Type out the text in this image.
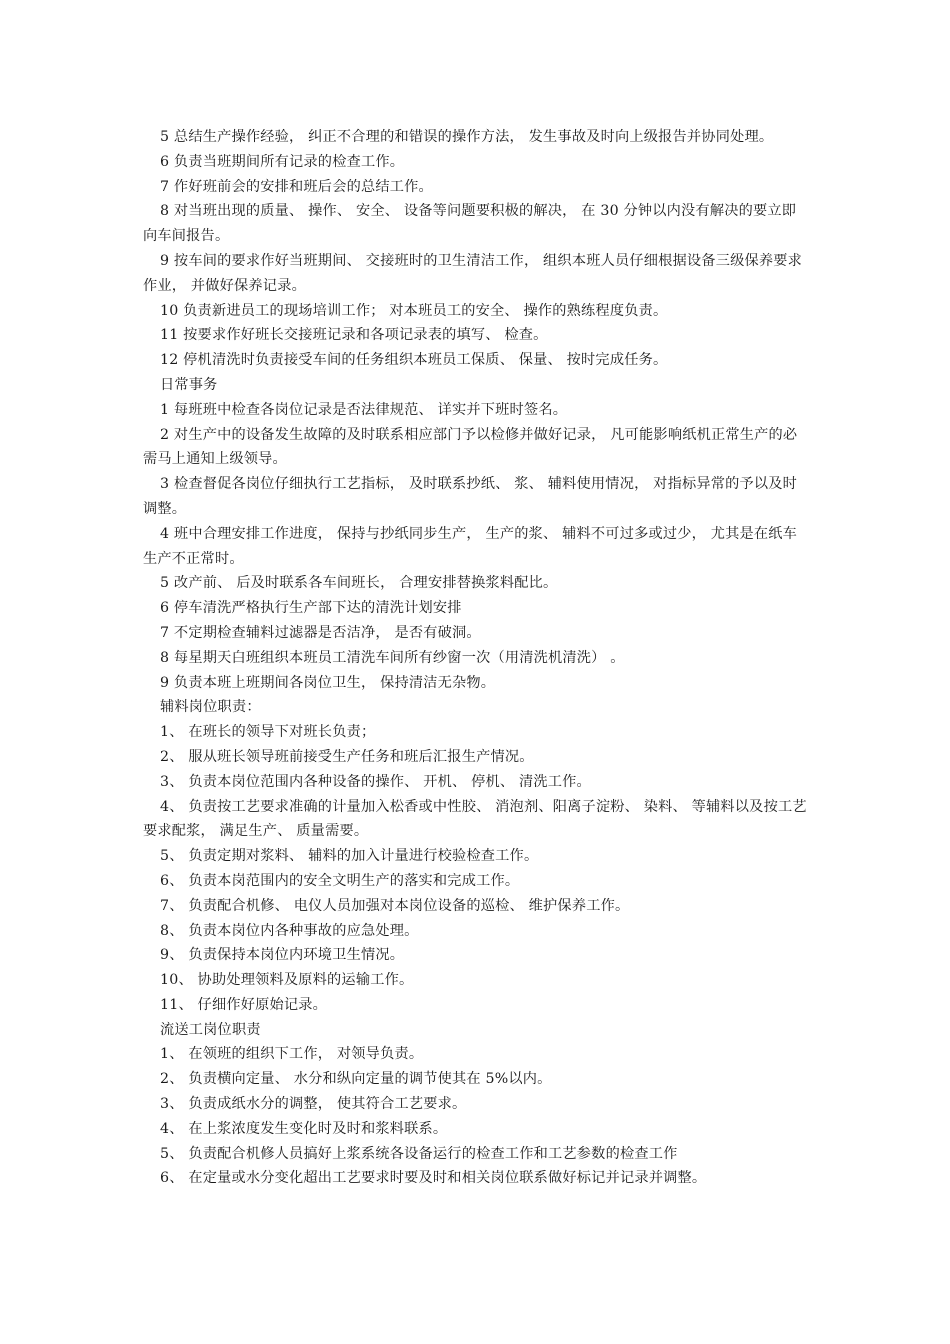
5 总结生产操作经验， 纠正不合理的和错误的操作方法， 发生事故及时向上级报告并协同处理。

6 负责当班期间所有记录的检查工作。

7 作好班前会的安排和班后会的总结工作。

8 对当班出现的质量、 操作、 安全、 设备等问题要积极的解决， 在 30 分钟以内没有解决的要立即向车间报告。

9 按车间的要求作好当班期间、 交接班时的卫生清洁工作， 组织本班人员仔细根据设备三级保养要求作业， 并做好保养记录。

10 负责新进员工的现场培训工作； 对本班员工的安全、 操作的熟练程度负责。

11 按要求作好班长交接班记录和各项记录表的填写、 检查。

12 停机清洗时负责接受车间的任务组织本班员工保质、 保量、 按时完成任务。

日常事务

1 每班班中检查各岗位记录是否法律规范、 详实并下班时签名。

2 对生产中的设备发生故障的及时联系相应部门予以检修并做好记录， 凡可能影响纸机正常生产的必需马上通知上级领导。

3 检查督促各岗位仔细执行工艺指标， 及时联系抄纸、 浆、 辅料使用情况， 对指标异常的予以及时调整。

4 班中合理安排工作进度， 保持与抄纸同步生产， 生产的浆、 辅料不可过多或过少， 尤其是在纸车生产不正常时。

5 改产前、 后及时联系各车间班长， 合理安排替换浆料配比。

6 停车清洗严格执行生产部下达的清洗计划安排

7 不定期检查辅料过滤器是否洁净， 是否有破洞。

8 每星期天白班组织本班员工清洗车间所有纱窗一次（用清洗机清洗） 。

9 负责本班上班期间各岗位卫生， 保持清洁无杂物。

辅料岗位职责：

1、 在班长的领导下对班长负责；

2、 服从班长领导班前接受生产任务和班后汇报生产情况。

3、 负责本岗位范围内各种设备的操作、 开机、 停机、 清洗工作。

4、 负责按工艺要求准确的计量加入松香或中性胶、 消泡剂、阳离子淀粉、 染料、 等辅料以及按工艺要求配浆， 满足生产、 质量需要。

5、 负责定期对浆料、 辅料的加入计量进行校验检查工作。

6、 负责本岗范围内的安全文明生产的落实和完成工作。

7、 负责配合机修、 电仪人员加强对本岗位设备的巡检、 维护保养工作。

8、 负责本岗位内各种事故的应急处理。

9、 负责保持本岗位内环境卫生情况。

10、 协助处理领料及原料的运输工作。

11、 仔细作好原始记录。

流送工岗位职责

1、 在领班的组织下工作， 对领导负责。

2、 负责横向定量、 水分和纵向定量的调节使其在 5%以内。

3、 负责成纸水分的调整， 使其符合工艺要求。

4、 在上浆浓度发生变化时及时和浆料联系。

5、 负责配合机修人员搞好上浆系统各设备运行的检查工作和工艺参数的检查工作

6、 在定量或水分变化超出工艺要求时要及时和相关岗位联系做好标记并记录并调整。
